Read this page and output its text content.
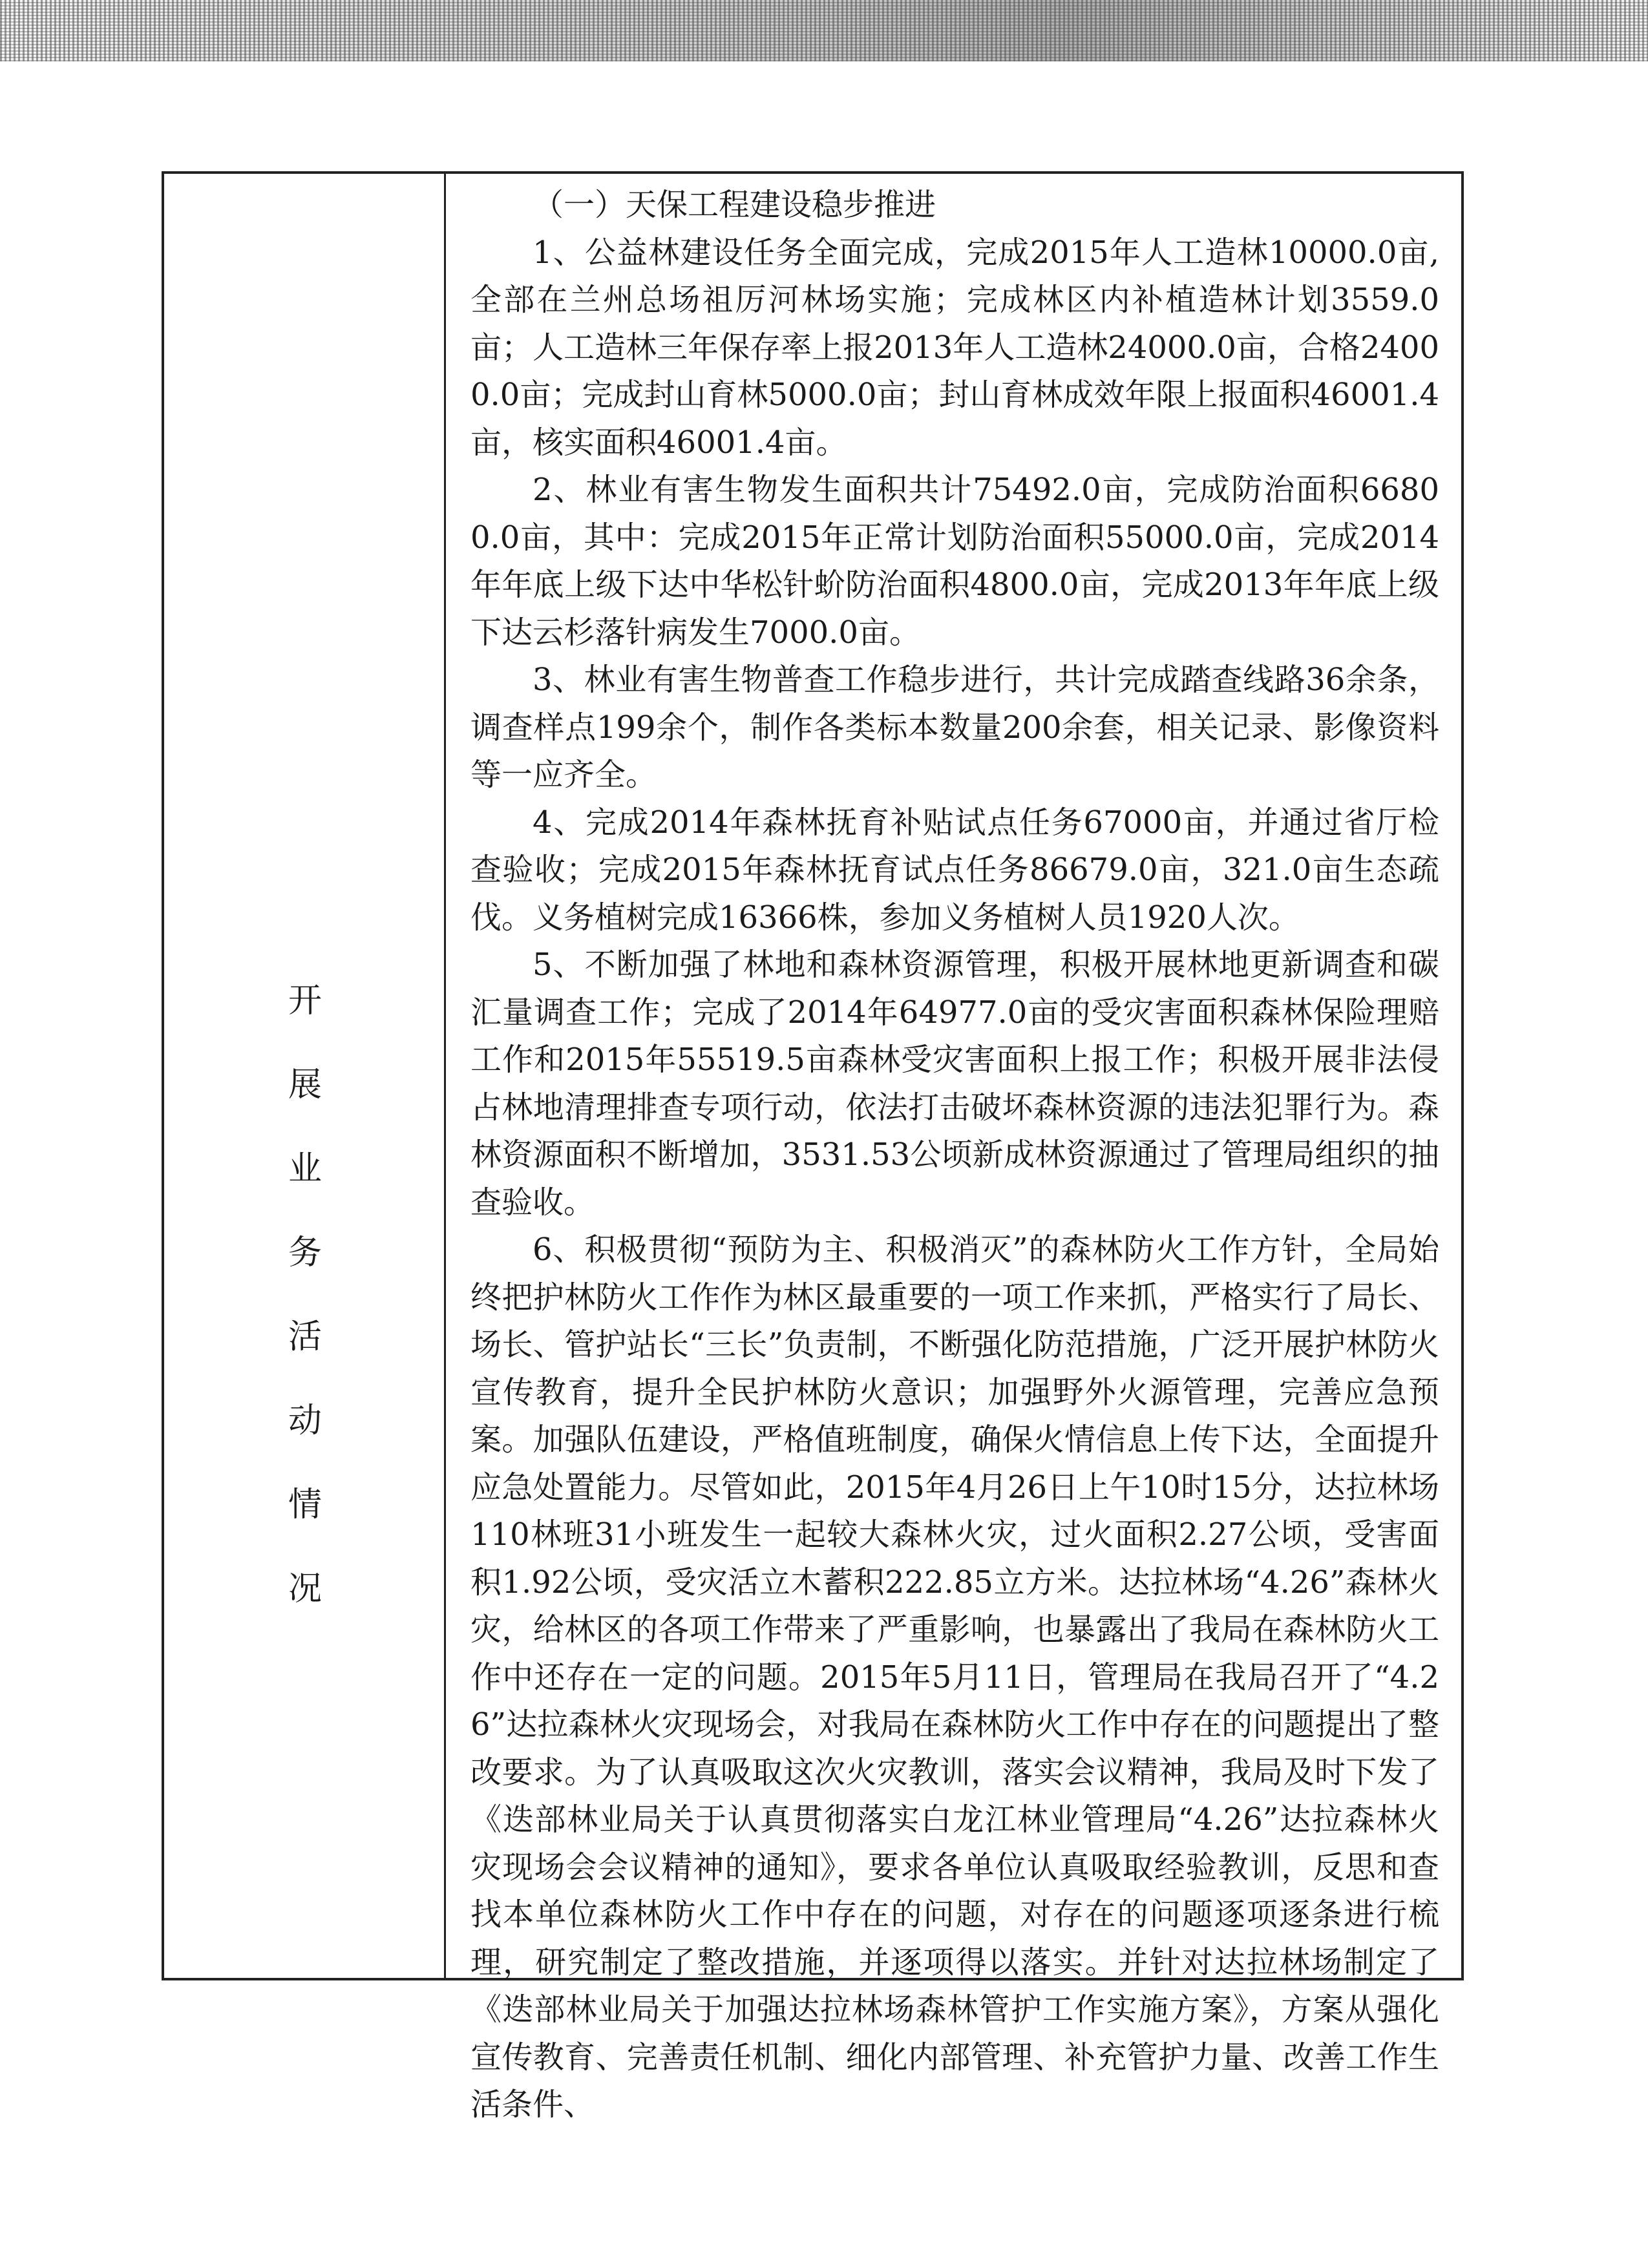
开
展
业
务
活
动
情
况

（一）天保工程建设稳步推进

1、公益林建设任务全面完成，完成2015年人工造林10000.0亩,全部在兰州总场祖厉河林场实施；完成林区内补植造林计划3559.0亩；人工造林三年保存率上报2013年人工造林24000.0亩，合格24000.0亩；完成封山育林5000.0亩；封山育林成效年限上报面积46001.4亩，核实面积46001.4亩。

2、林业有害生物发生面积共计75492.0亩，完成防治面积66800.0亩，其中：完成2015年正常计划防治面积55000.0亩，完成2014年年底上级下达中华松针蚧防治面积4800.0亩，完成2013年年底上级下达云杉落针病发生7000.0亩。

3、林业有害生物普查工作稳步进行，共计完成踏查线路36余条，调查样点199余个，制作各类标本数量200余套，相关记录、影像资料等一应齐全。

4、完成2014年森林抚育补贴试点任务67000亩，并通过省厅检查验收；完成2015年森林抚育试点任务86679.0亩，321.0亩生态疏伐。义务植树完成16366株，参加义务植树人员1920人次。

5、不断加强了林地和森林资源管理，积极开展林地更新调查和碳汇量调查工作；完成了2014年64977.0亩的受灾害面积森林保险理赔工作和2015年55519.5亩森林受灾害面积上报工作；积极开展非法侵占林地清理排查专项行动，依法打击破坏森林资源的违法犯罪行为。森林资源面积不断增加，3531.53公顷新成林资源通过了管理局组织的抽查验收。

6、积极贯彻“预防为主、积极消灭”的森林防火工作方针，全局始终把护林防火工作作为林区最重要的一项工作来抓，严格实行了局长、场长、管护站长“三长”负责制，不断强化防范措施，广泛开展护林防火宣传教育，提升全民护林防火意识；加强野外火源管理，完善应急预案。加强队伍建设，严格值班制度，确保火情信息上传下达，全面提升应急处置能力。尽管如此，2015年4月26日上午10时15分，达拉林场110林班31小班发生一起较大森林火灾，过火面积2.27公顷，受害面积1.92公顷，受灾活立木蓄积222.85立方米。达拉林场“4.26”森林火灾，给林区的各项工作带来了严重影响，也暴露出了我局在森林防火工作中还存在一定的问题。2015年5月11日，管理局在我局召开了“4.26”达拉森林火灾现场会，对我局在森林防火工作中存在的问题提出了整改要求。为了认真吸取这次火灾教训，落实会议精神，我局及时下发了《迭部林业局关于认真贯彻落实白龙江林业管理局“4.26”达拉森林火灾现场会会议精神的通知》，要求各单位认真吸取经验教训，反思和查找本单位森林防火工作中存在的问题，对存在的问题逐项逐条进行梳理，研究制定了整改措施，并逐项得以落实。并针对达拉林场制定了《迭部林业局关于加强达拉林场森林管护工作实施方案》，方案从强化宣传教育、完善责任机制、细化内部管理、补充管护力量、改善工作生活条件、
